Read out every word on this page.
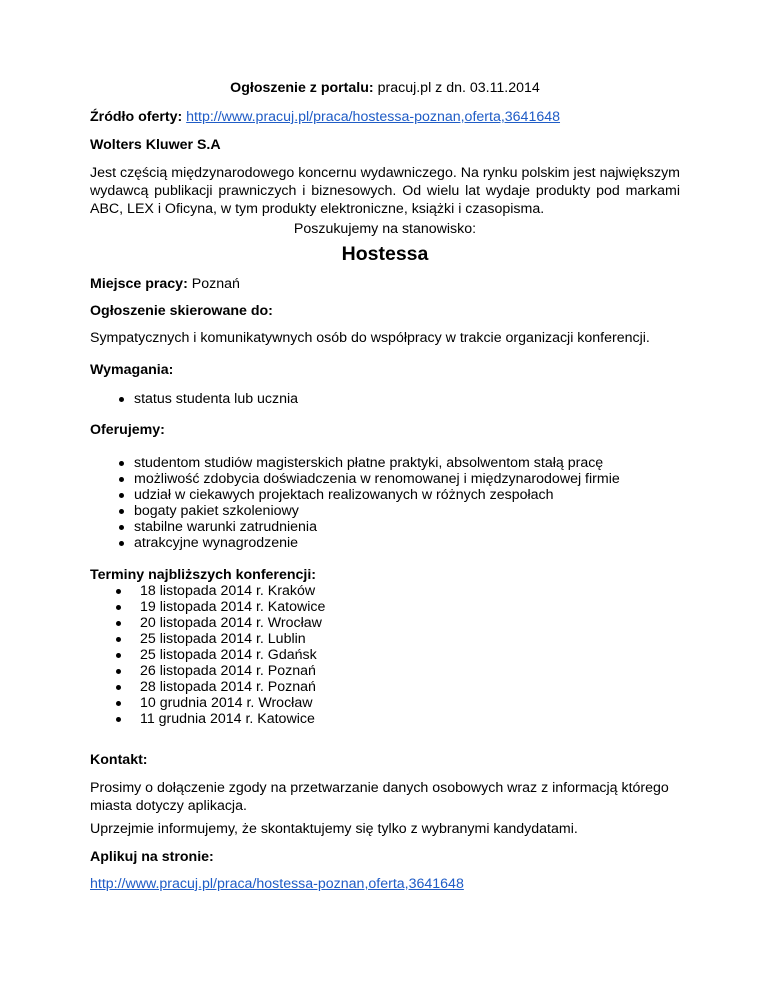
Ogłoszenie z portalu: pracuj.pl z dn. 03.11.2014

Źródło oferty: http://www.pracuj.pl/praca/hostessa-poznan,oferta,3641648

Wolters Kluwer S.A

Jest częścią międzynarodowego koncernu wydawniczego. Na rynku polskim jest największym wydawcą publikacji prawniczych i biznesowych. Od wielu lat wydaje produkty pod markami ABC, LEX i Oficyna, w tym produkty elektroniczne, książki i czasopisma.

Poszukujemy na stanowisko:

Hostessa

Miejsce pracy: Poznań

Ogłoszenie skierowane do:

Sympatycznych i komunikatywnych osób do współpracy w trakcie organizacji konferencji.

Wymagania:

status studenta lub ucznia

Oferujemy:

studentom studiów magisterskich płatne praktyki, absolwentom stałą pracę
możliwość zdobycia doświadczenia w renomowanej i międzynarodowej firmie
udział w ciekawych projektach realizowanych w różnych zespołach
bogaty pakiet szkoleniowy
stabilne warunki zatrudnienia
atrakcyjne wynagrodzenie

Terminy najbliższych konferencji:

18 listopada 2014 r. Kraków
19 listopada 2014 r. Katowice
20 listopada 2014 r. Wrocław
25 listopada 2014 r. Lublin
25 listopada 2014 r. Gdańsk
26 listopada 2014 r. Poznań
28 listopada 2014 r. Poznań
10 grudnia 2014 r. Wrocław
11 grudnia 2014 r. Katowice

Kontakt:

Prosimy o dołączenie zgody na przetwarzanie danych osobowych wraz z informacją którego miasta dotyczy aplikacja.

Uprzejmie informujemy, że skontaktujemy się tylko z wybranymi kandydatami.

Aplikuj na stronie:

http://www.pracuj.pl/praca/hostessa-poznan,oferta,3641648
